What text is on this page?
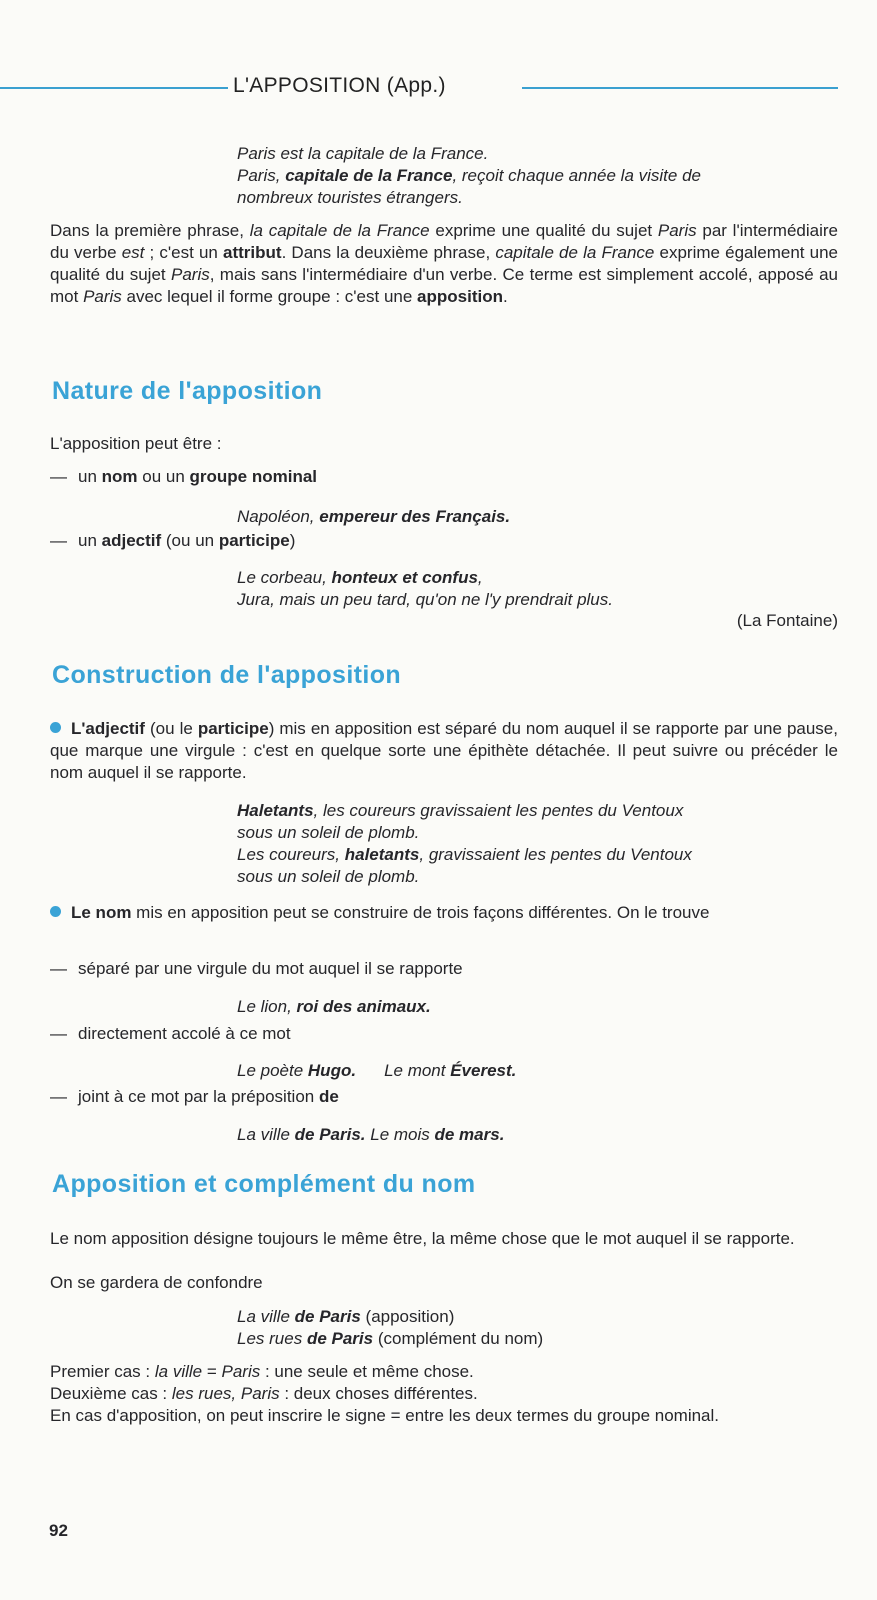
L'APPOSITION (App.)
Paris est la capitale de la France.
Paris, capitale de la France, reçoit chaque année la visite de
nombreux touristes étrangers.

Dans la première phrase, la capitale de la France exprime une qualité du sujet Paris par l'intermédiaire du verbe est ; c'est un attribut. Dans la deuxième phrase, capitale de la France exprime également une qualité du sujet Paris, mais sans l'intermédiaire d'un verbe. Ce terme est simplement accolé, apposé au mot Paris avec lequel il forme groupe : c'est une apposition.

Nature de l'apposition
L'apposition peut être :
— un nom ou un groupe nominal
Napoléon, empereur des Français.
— un adjectif (ou un participe)
Le corbeau, honteux et confus,
Jura, mais un peu tard, qu'on ne l'y prendrait plus.
(La Fontaine)
Construction de l'apposition

L'adjectif (ou le participe) mis en apposition est séparé du nom auquel il se rapporte par une pause, que marque une virgule : c'est en quelque sorte une épithète détachée. Il peut suivre ou précéder le nom auquel il se rapporte.

Haletants, les coureurs gravissaient les pentes du Ventoux
sous un soleil de plomb.
Les coureurs, haletants, gravissaient les pentes du Ventoux
sous un soleil de plomb.

Le nom mis en apposition peut se construire de trois façons différentes. On le trouve

— séparé par une virgule du mot auquel il se rapporte
Le lion, roi des animaux.
— directement accolé à ce mot
Le poète Hugo. Le mont Éverest.
— joint à ce mot par la préposition de
La ville de Paris. Le mois de mars.
Apposition et complément du nom
Le nom apposition désigne toujours le même être, la même chose que le mot auquel il se rapporte.
On se gardera de confondre
La ville de Paris (apposition)
Les rues de Paris (complément du nom)

Premier cas : la ville = Paris : une seule et même chose.

Deuxième cas : les rues, Paris : deux choses différentes.

En cas d'apposition, on peut inscrire le signe = entre les deux termes du groupe nominal.

92
